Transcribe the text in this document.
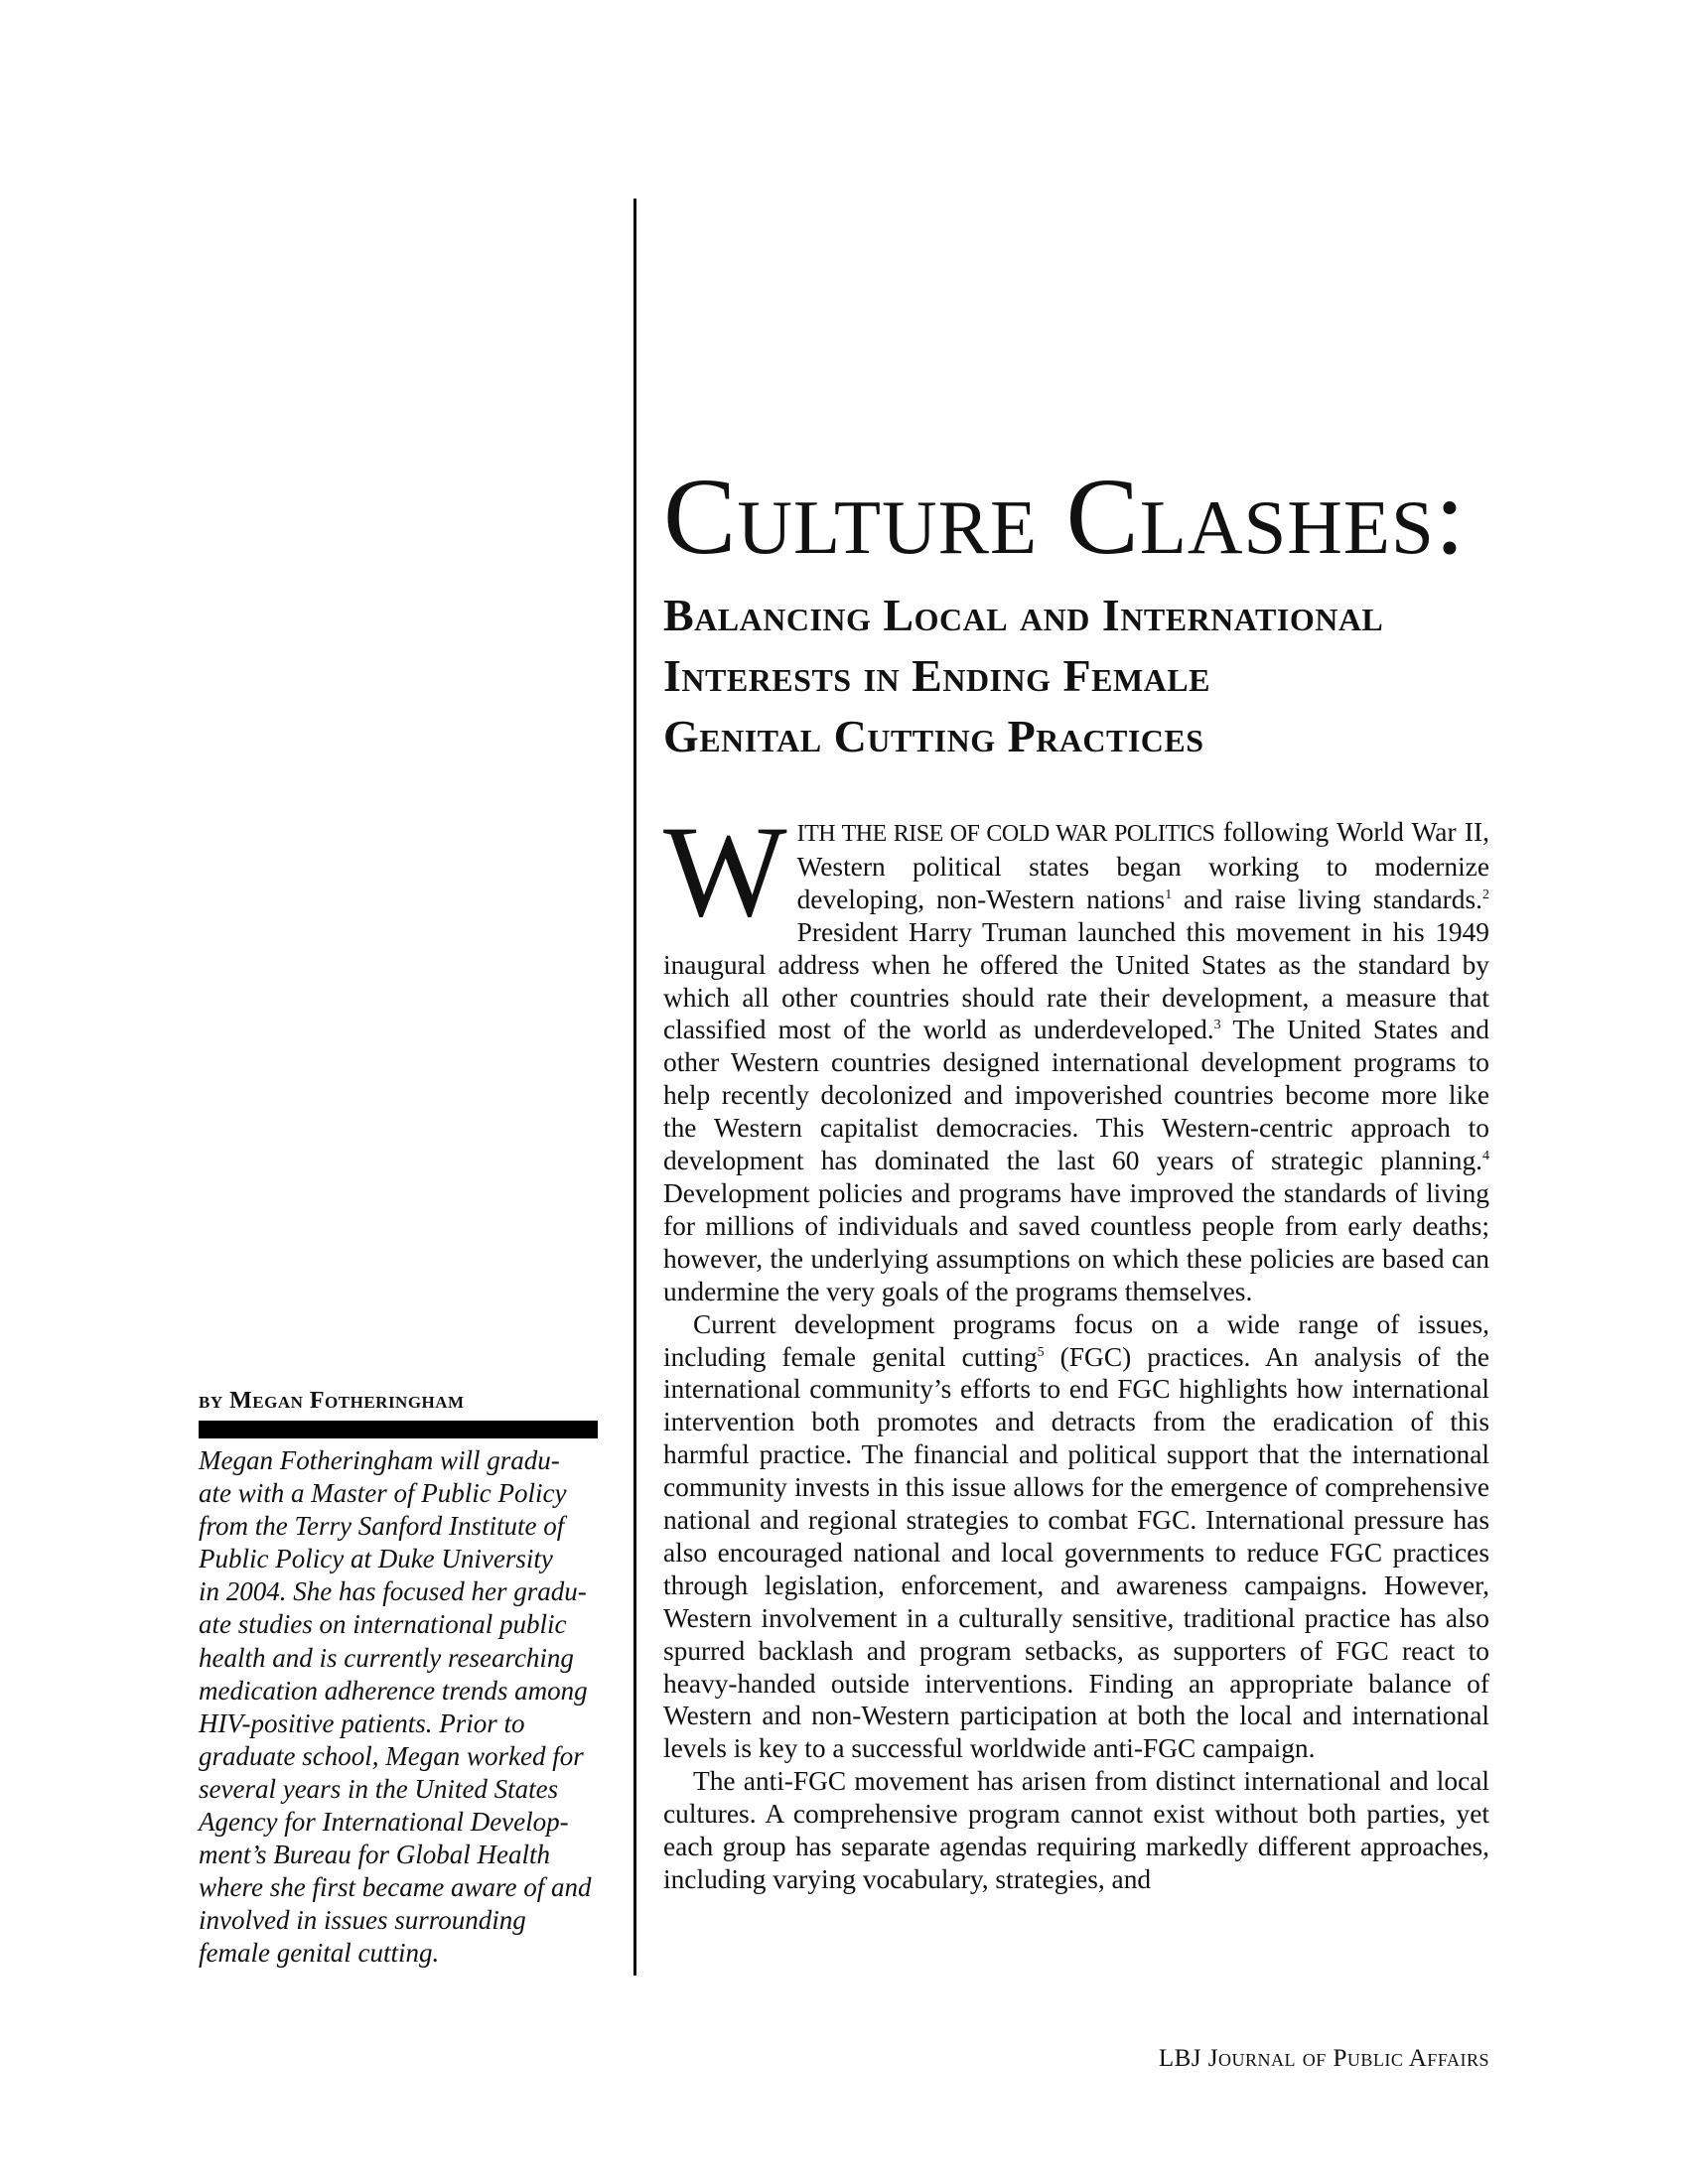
Culture Clashes:
Balancing Local and International
Interests in Ending Female
Genital Cutting Practices

WITH THE RISE OF COLD WAR POLITICS following World War II, Western political states began working to modernize developing, non-Western nations$^1$ and raise living standards.$^2$ President Harry Truman launched this movement in his 1949 inaugural address when he offered the United States as the standard by which all other countries should rate their development, a measure that classified most of the world as underdeveloped.$^3$ The United States and other Western countries designed international development programs to help recently decolonized and impoverished countries become more like the Western capitalist democracies. This Western-centric approach to development has dominated the last 60 years of strategic planning.$^4$ Development policies and programs have improved the standards of living for millions of individuals and saved countless people from early deaths; however, the underlying assumptions on which these policies are based can undermine the very goals of the programs themselves.

Current development programs focus on a wide range of issues, including female genital cutting$^5$ (FGC) practices. An analysis of the international community’s efforts to end FGC highlights how international intervention both promotes and detracts from the eradication of this harmful practice. The financial and political support that the international community invests in this issue allows for the emergence of comprehensive national and regional strategies to combat FGC. International pressure has also encouraged national and local governments to reduce FGC practices through legislation, enforcement, and awareness campaigns. However, Western involvement in a culturally sensitive, traditional practice has also spurred backlash and program setbacks, as supporters of FGC react to heavy-handed outside interventions. Finding an appropriate balance of Western and non-Western participation at both the local and international levels is key to a successful worldwide anti-FGC campaign.

The anti-FGC movement has arisen from distinct international and local cultures. A comprehensive program cannot exist without both parties, yet each group has separate agendas requiring markedly different approaches, including varying vocabulary, strategies, and

by Megan Fotheringham
Megan Fotheringham will gradu-
ate with a Master of Public Policy
from the Terry Sanford Institute of
Public Policy at Duke University
in 2004. She has focused her gradu-
ate studies on international public
health and is currently researching
medication adherence trends among
HIV-positive patients. Prior to
graduate school, Megan worked for
several years in the United States
Agency for International Develop-
ment’s Bureau for Global Health
where she first became aware of and
involved in issues surrounding
female genital cutting.
LBJ Journal of Public Affairs
